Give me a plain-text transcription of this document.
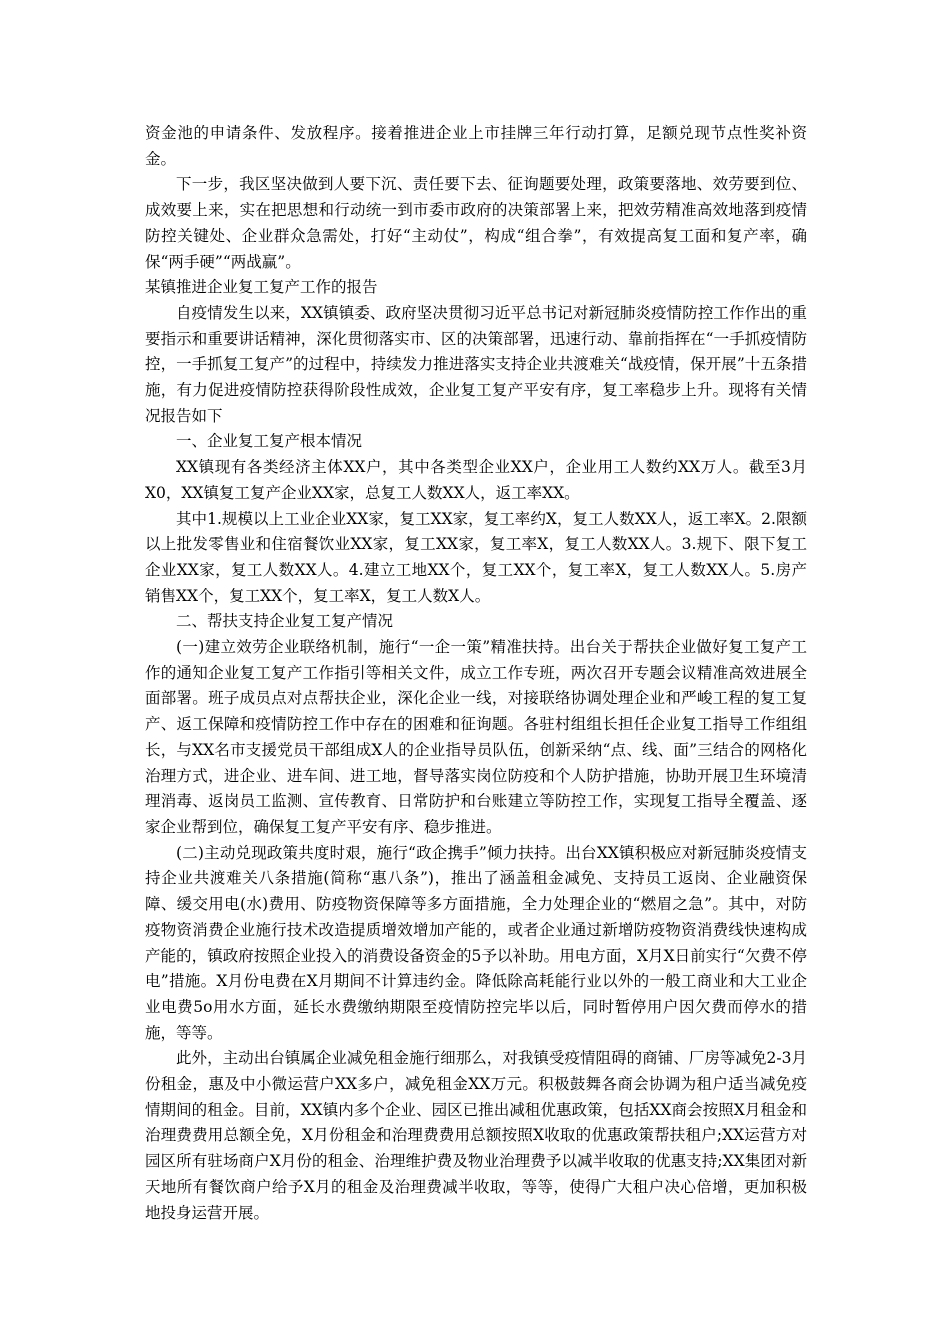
资金池的申请条件、发放程序。接着推进企业上市挂牌三年行动打算，足额兑现节点性奖补资金。

下一步，我区坚决做到人要下沉、责任要下去、征询题要处理，政策要落地、效劳要到位、成效要上来，实在把思想和行动统一到市委市政府的决策部署上来，把效劳精准高效地落到疫情防控关键处、企业群众急需处，打好“主动仗”，构成“组合拳”，有效提高复工面和复产率，确保“两手硬”“两战赢”。

某镇推进企业复工复产工作的报告

自疫情发生以来，XX镇镇委、政府坚决贯彻习近平总书记对新冠肺炎疫情防控工作作出的重要指示和重要讲话精神，深化贯彻落实市、区的决策部署，迅速行动、靠前指挥在“一手抓疫情防控，一手抓复工复产”的过程中，持续发力推进落实支持企业共渡难关“战疫情，保开展”十五条措施，有力促进疫情防控获得阶段性成效，企业复工复产平安有序，复工率稳步上升。现将有关情况报告如下

一、企业复工复产根本情况

XX镇现有各类经济主体XX户，其中各类型企业XX户，企业用工人数约XX万人。截至3月X0，XX镇复工复产企业XX家，总复工人数XX人，返工率XX。

其中1.规模以上工业企业XX家，复工XX家，复工率约X，复工人数XX人，返工率X。2.限额以上批发零售业和住宿餐饮业XX家，复工XX家，复工率X，复工人数XX人。3.规下、限下复工企业XX家，复工人数XX人。4.建立工地XX个，复工XX个，复工率X，复工人数XX人。5.房产销售XX个，复工XX个，复工率X，复工人数X人。

二、帮扶支持企业复工复产情况

(一)建立效劳企业联络机制，施行“一企一策”精准扶持。出台关于帮扶企业做好复工复产工作的通知企业复工复产工作指引等相关文件，成立工作专班，两次召开专题会议精准高效进展全面部署。班子成员点对点帮扶企业，深化企业一线，对接联络协调处理企业和严峻工程的复工复产、返工保障和疫情防控工作中存在的困难和征询题。各驻村组组长担任企业复工指导工作组组长，与XX名市支援党员干部组成X人的企业指导员队伍，创新采纳“点、线、面”三结合的网格化治理方式，进企业、进车间、进工地，督导落实岗位防疫和个人防护措施，协助开展卫生环境清理消毒、返岗员工监测、宣传教育、日常防护和台账建立等防控工作，实现复工指导全覆盖、逐家企业帮到位，确保复工复产平安有序、稳步推进。

(二)主动兑现政策共度时艰，施行“政企携手”倾力扶持。出台XX镇积极应对新冠肺炎疫情支持企业共渡难关八条措施(简称“惠八条”)，推出了涵盖租金减免、支持员工返岗、企业融资保障、缓交用电(水)费用、防疫物资保障等多方面措施，全力处理企业的“燃眉之急”。其中，对防疫物资消费企业施行技术改造提质增效增加产能的，或者企业通过新增防疫物资消费线快速构成产能的，镇政府按照企业投入的消费设备资金的5予以补助。用电方面，X月X日前实行“欠费不停电”措施。X月份电费在X月期间不计算违约金。降低除高耗能行业以外的一般工商业和大工业企业电费5o用水方面，延长水费缴纳期限至疫情防控完毕以后，同时暂停用户因欠费而停水的措施，等等。

此外，主动出台镇属企业减免租金施行细那么，对我镇受疫情阻碍的商铺、厂房等减免2-3月份租金，惠及中小微运营户XX多户，减免租金XX万元。积极鼓舞各商会协调为租户适当减免疫情期间的租金。目前，XX镇内多个企业、园区已推出减租优惠政策，包括XX商会按照X月租金和治理费费用总额全免，X月份租金和治理费费用总额按照X收取的优惠政策帮扶租户;XX运营方对园区所有驻场商户X月份的租金、治理维护费及物业治理费予以减半收取的优惠支持;XX集团对新天地所有餐饮商户给予X月的租金及治理费减半收取，等等，使得广大租户决心倍增，更加积极地投身运营开展。
